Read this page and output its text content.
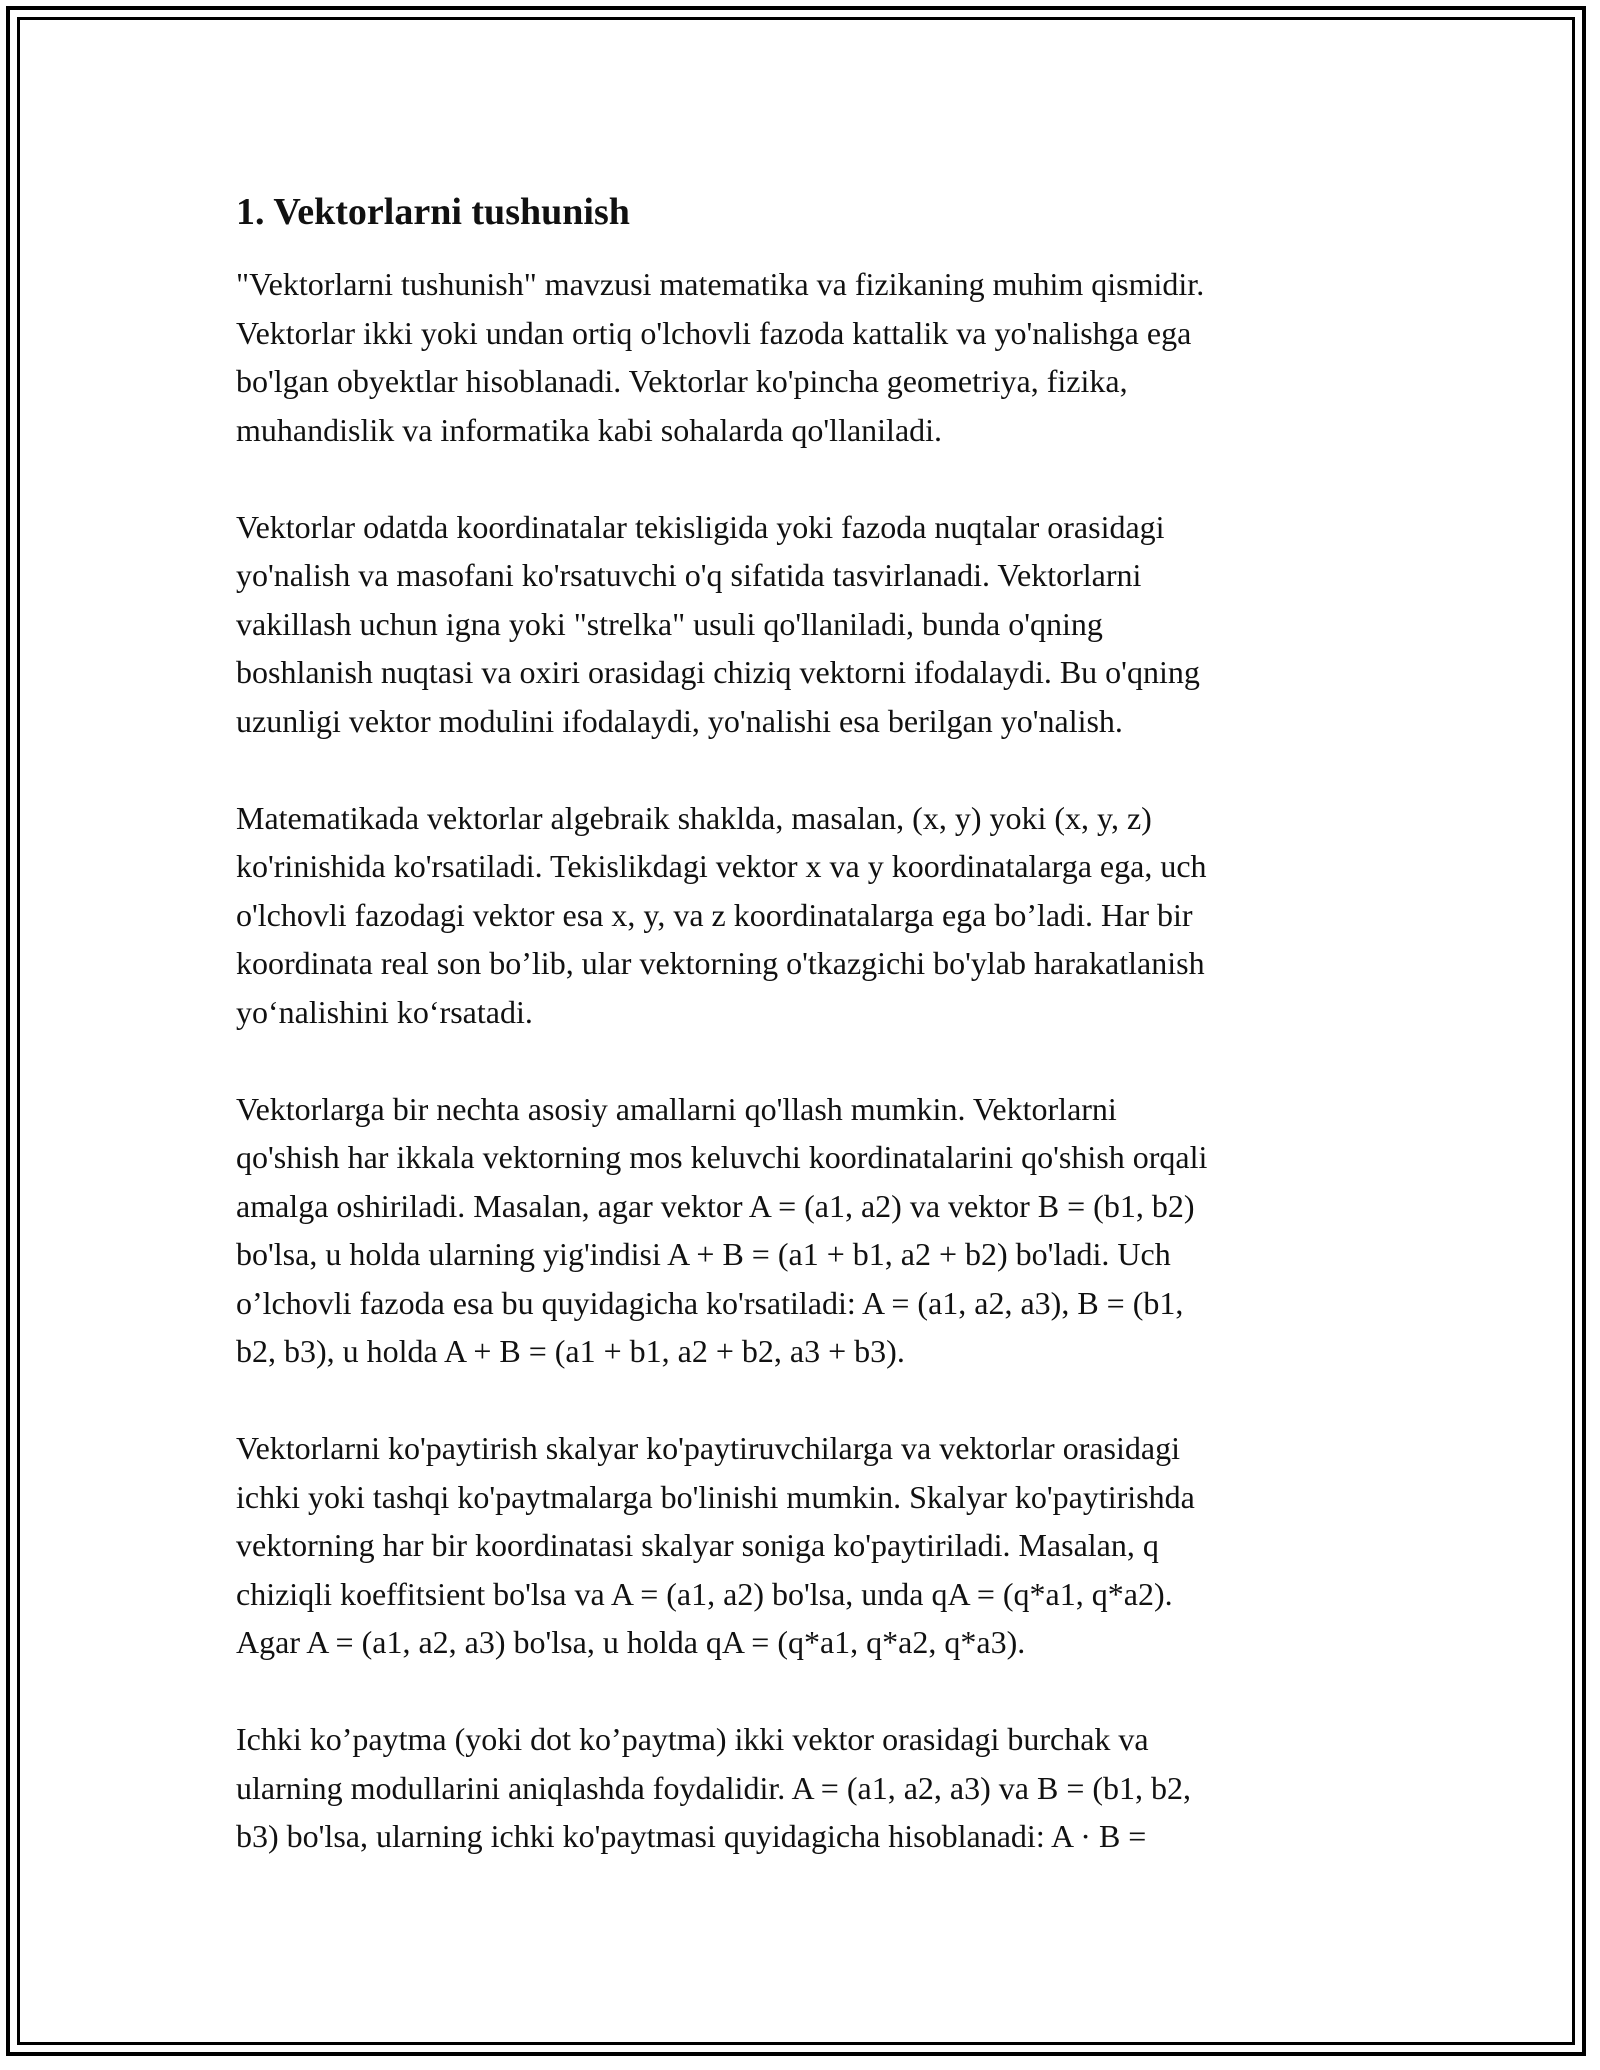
1. Vektorlarni tushunish

"Vektorlarni tushunish" mavzusi matematika va fizikaning muhim qismidir.
Vektorlar ikki yoki undan ortiq o'lchovli fazoda kattalik va yo'nalishga ega
bo'lgan obyektlar hisoblanadi. Vektorlar ko'pincha geometriya, fizika,
muhandislik va informatika kabi sohalarda qo'llaniladi.

Vektorlar odatda koordinatalar tekisligida yoki fazoda nuqtalar orasidagi
yo'nalish va masofani ko'rsatuvchi o'q sifatida tasvirlanadi. Vektorlarni
vakillash uchun igna yoki "strelka" usuli qo'llaniladi, bunda o'qning
boshlanish nuqtasi va oxiri orasidagi chiziq vektorni ifodalaydi. Bu o'qning
uzunligi vektor modulini ifodalaydi, yo'nalishi esa berilgan yo'nalish.

Matematikada vektorlar algebraik shaklda, masalan, (x, y) yoki (x, y, z)
ko'rinishida ko'rsatiladi. Tekislikdagi vektor x va y koordinatalarga ega, uch
o'lchovli fazodagi vektor esa x, y, va z koordinatalarga ega bo’ladi. Har bir
koordinata real son bo’lib, ular vektorning o'tkazgichi bo'ylab harakatlanish
yo‘nalishini ko‘rsatadi.

Vektorlarga bir nechta asosiy amallarni qo'llash mumkin. Vektorlarni
qo'shish har ikkala vektorning mos keluvchi koordinatalarini qo'shish orqali
amalga oshiriladi. Masalan, agar vektor A = (a1, a2) va vektor B = (b1, b2)
bo'lsa, u holda ularning yig'indisi A + B = (a1 + b1, a2 + b2) bo'ladi. Uch
o’lchovli fazoda esa bu quyidagicha ko'rsatiladi: A = (a1, a2, a3), B = (b1,
b2, b3), u holda A + B = (a1 + b1, a2 + b2, a3 + b3).

Vektorlarni ko'paytirish skalyar ko'paytiruvchilarga va vektorlar orasidagi
ichki yoki tashqi ko'paytmalarga bo'linishi mumkin. Skalyar ko'paytirishda
vektorning har bir koordinatasi skalyar soniga ko'paytiriladi. Masalan, q
chiziqli koeffitsient bo'lsa va A = (a1, a2) bo'lsa, unda qA = (q*a1, q*a2).
Agar A = (a1, a2, a3) bo'lsa, u holda qA = (q*a1, q*a2, q*a3).

Ichki ko’paytma (yoki dot ko’paytma) ikki vektor orasidagi burchak va
ularning modullarini aniqlashda foydalidir. A = (a1, a2, a3) va B = (b1, b2,
b3) bo'lsa, ularning ichki ko'paytmasi quyidagicha hisoblanadi: A · B =
